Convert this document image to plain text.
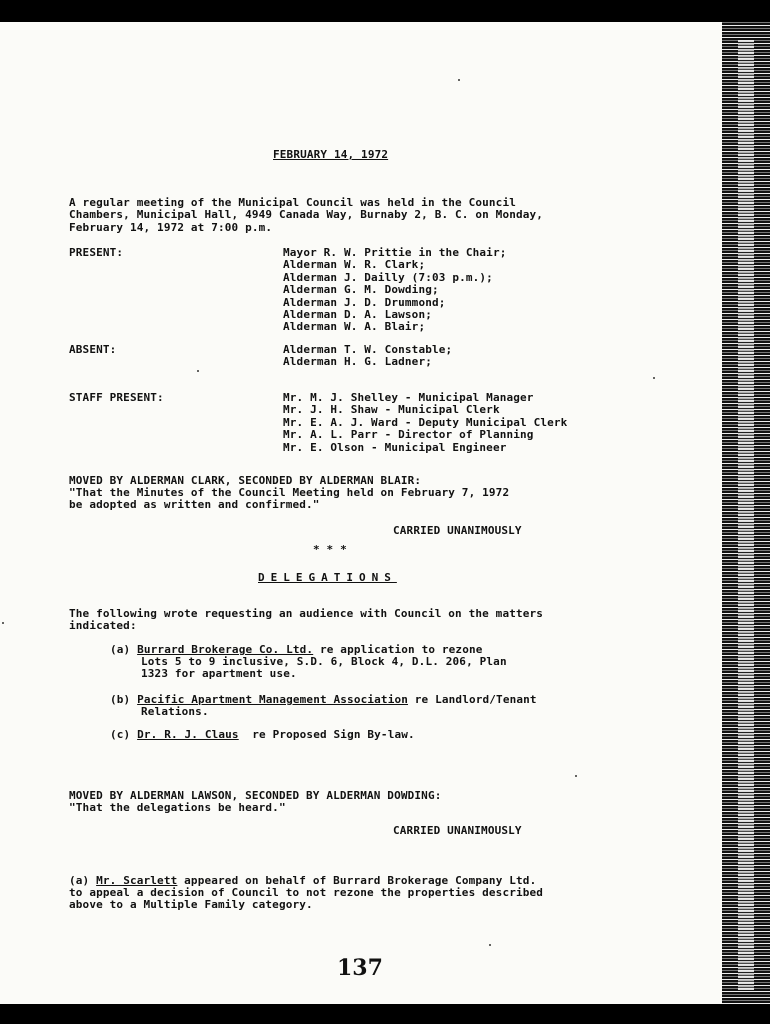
FEBRUARY 14, 1972
A regular meeting of the Municipal Council was held in the Council
Chambers, Municipal Hall, 4949 Canada Way, Burnaby 2, B. C. on Monday,
February 14, 1972 at 7:00 p.m.
PRESENT:	Mayor R. W. Prittie in the Chair;
Alderman W. R. Clark;
Alderman J. Dailly (7:03 p.m.);
Alderman G. M. Dowding;
Alderman J. D. Drummond;
Alderman D. A. Lawson;
Alderman W. A. Blair;
ABSENT:	Alderman T. W. Constable;
Alderman H. G. Ladner;
STAFF PRESENT:	Mr. M. J. Shelley - Municipal Manager
Mr. J. H. Shaw - Municipal Clerk
Mr. E. A. J. Ward - Deputy Municipal Clerk
Mr. A. L. Parr - Director of Planning
Mr. E. Olson - Municipal Engineer
MOVED BY ALDERMAN CLARK, SECONDED BY ALDERMAN BLAIR:
"That the Minutes of the Council Meeting held on February 7, 1972
be adopted as written and confirmed."
CARRIED UNANIMOUSLY
* * *
DELEGATIONS
The following wrote requesting an audience with Council on the matters
indicated:
(a) Burrard Brokerage Co. Ltd. re application to rezone
Lots 5 to 9 inclusive, S.D. 6, Block 4, D.L. 206, Plan
1323 for apartment use.
(b) Pacific Apartment Management Association re Landlord/Tenant
Relations.
(c) Dr. R. J. Claus  re Proposed Sign By-law.
MOVED BY ALDERMAN LAWSON, SECONDED BY ALDERMAN DOWDING:
"That the delegations be heard."
CARRIED UNANIMOUSLY
(a) Mr. Scarlett appeared on behalf of Burrard Brokerage Company Ltd.
to appeal a decision of Council to not rezone the properties described
above to a Multiple Family category.
137
